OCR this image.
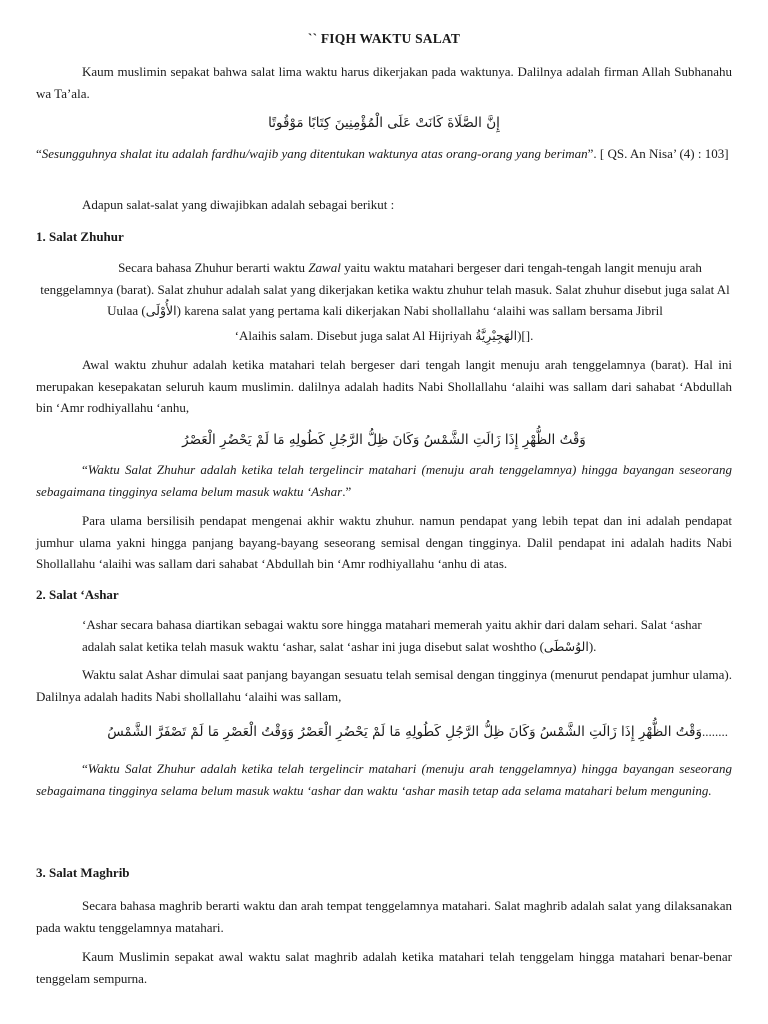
`` FIQH WAKTU SALAT

Kaum muslimin sepakat bahwa salat lima waktu harus dikerjakan pada waktunya. Dalilnya adalah firman Allah Subhanahu wa Ta’ala.

إِنَّ الصَّلَاةَ كَانَتْ عَلَى الْمُؤْمِنِينَ كِتَابًا مَوْقُوتًا

“Sesungguhnya shalat itu adalah fardhu/wajib yang ditentukan waktunya atas orang-orang yang beriman”. [ QS. An Nisa’ (4) : 103]

Adapun salat-salat yang diwajibkan adalah sebagai berikut :

1. Salat Zhuhur

Secara bahasa Zhuhur berarti waktu Zawal yaitu waktu matahari bergeser dari tengah-tengah langit menuju arah tenggelamnya (barat). Salat zhuhur adalah salat yang dikerjakan ketika waktu zhuhur telah masuk. Salat zhuhur disebut juga salat Al Uulaa (الأُوْلَى) karena salat yang pertama kali dikerjakan Nabi shollallahu ‘alaihi was sallam bersama Jibril

‘Alaihis salam. Disebut juga salat Al Hijriyah الهَجِيْرِيَّةُ)[].

Awal waktu zhuhur adalah ketika matahari telah bergeser dari tengah langit menuju arah tenggelamnya (barat). Hal ini merupakan kesepakatan seluruh kaum muslimin. dalilnya adalah hadits Nabi Shollallahu ‘alaihi was sallam dari sahabat ‘Abdullah bin ‘Amr rodhiyallahu ‘anhu,

وَقْتُ الظُّهْرِ إِذَا زَالَتِ الشَّمْسُ وَكَانَ ظِلُّ الرَّجُلِ كَطُولِهِ مَا لَمْ يَحْضُرِ الْعَصْرُ

“Waktu Salat Zhuhur adalah ketika telah tergelincir matahari (menuju arah tenggelamnya) hingga bayangan seseorang sebagaimana tingginya selama belum masuk waktu ‘Ashar.”

Para ulama bersilisih pendapat mengenai akhir waktu zhuhur. namun pendapat yang lebih tepat dan ini adalah pendapat jumhur ulama yakni hingga panjang bayang-bayang seseorang semisal dengan tingginya. Dalil pendapat ini adalah hadits Nabi Shollallahu ‘alaihi was sallam dari sahabat ‘Abdullah bin ‘Amr rodhiyallahu ‘anhu di atas.

2. Salat ‘Ashar

‘Ashar secara bahasa diartikan sebagai waktu sore hingga matahari memerah yaitu akhir dari dalam sehari. Salat ‘ashar adalah salat ketika telah masuk waktu ‘ashar, salat ‘ashar ini juga disebut salat woshtho (الوُسْطَى).

Waktu salat Ashar dimulai saat panjang bayangan sesuatu telah semisal dengan tingginya (menurut pendapat jumhur ulama). Dalilnya adalah hadits Nabi shollallahu ‘alaihi was sallam,

وَقْتُ الظُّهْرِ إِذَا زَالَتِ الشَّمْسُ وَكَانَ ظِلُّ الرَّجُلِ كَطُولِهِ مَا لَمْ يَحْضُرِ الْعَصْرُ وَوَقْتُ الْعَصْرِ مَا لَمْ تَصْفَرَّ الشَّمْسُ........

“Waktu Salat Zhuhur adalah ketika telah tergelincir matahari (menuju arah tenggelamnya) hingga bayangan seseorang sebagaimana tingginya selama belum masuk waktu ‘ashar dan waktu ‘ashar masih tetap ada selama matahari belum menguning.

3. Salat Maghrib

Secara bahasa maghrib berarti waktu dan arah tempat tenggelamnya matahari. Salat maghrib adalah salat yang dilaksanakan pada waktu tenggelamnya matahari.

Kaum Muslimin sepakat awal waktu salat maghrib adalah ketika matahari telah tenggelam hingga matahari benar-benar tenggelam sempurna.
